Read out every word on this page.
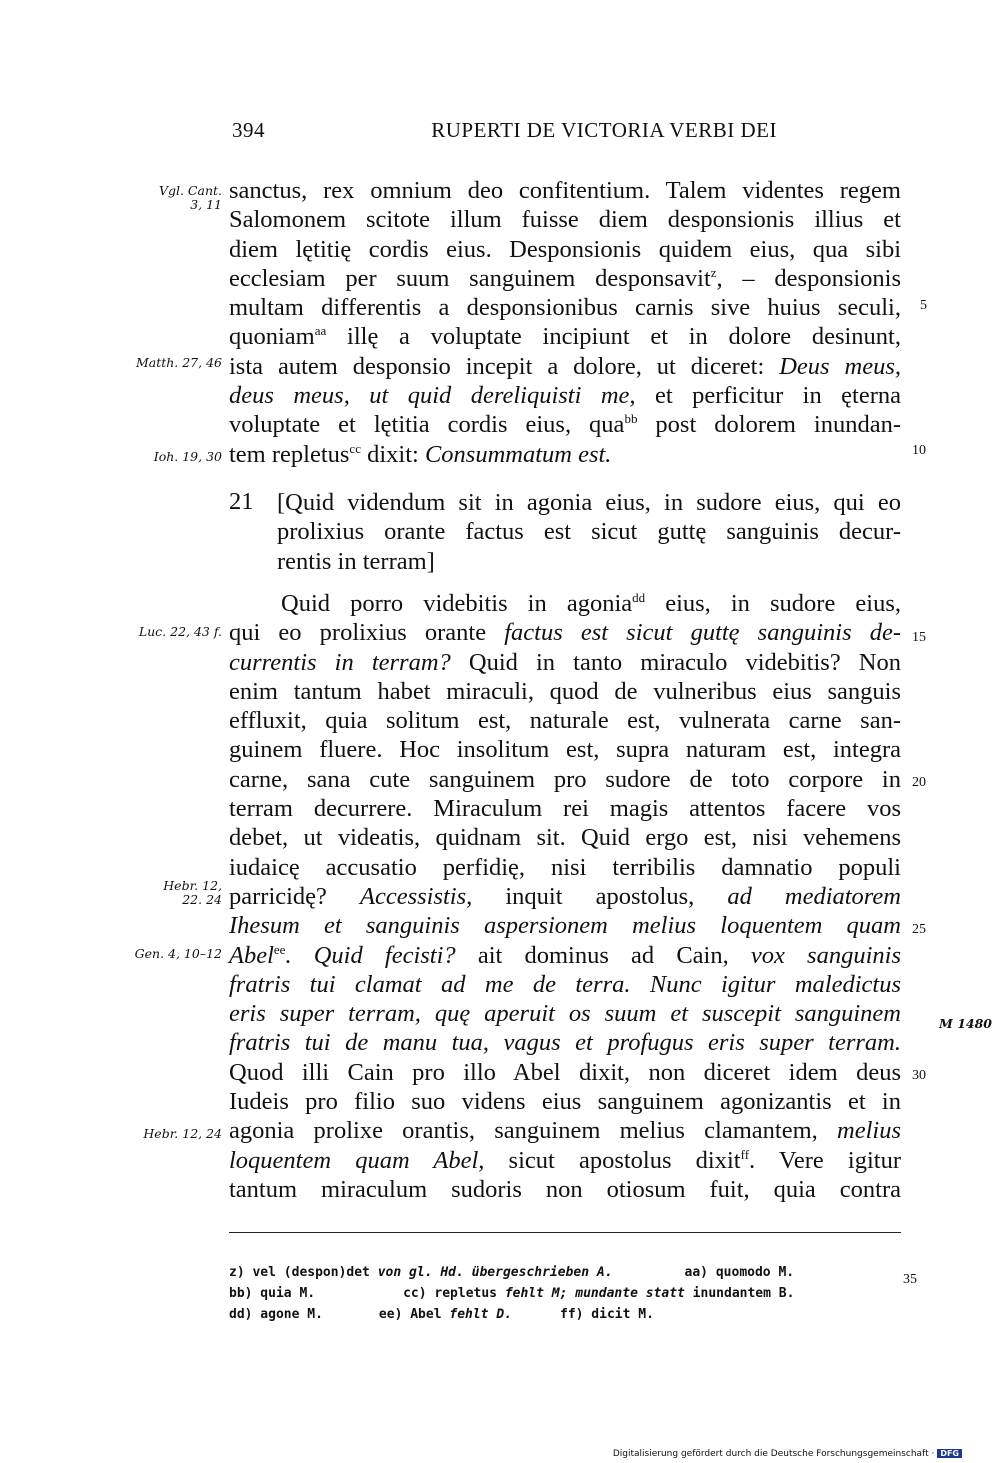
394	RUPERTI DE VICTORIA VERBI DEI
sanctus, rex omnium deo confitentium. Talem videntes regem
Salomonem scitote illum fuisse diem desponsionis illius et
diem lętitię cordis eius. Desponsionis quidem eius, qua sibi
ecclesiam per suum sanguinem desponsavit$^z$, – desponsionis
multam differentis a desponsionibus carnis sive huius seculi,
quoniam$^{aa}$ illę a voluptate incipiunt et in dolore desinunt,
ista autem desponsio incepit a dolore, ut diceret: Deus meus,
deus meus, ut quid dereliquisti me, et perficitur in ęterna
voluptate et lętitia cordis eius, qua$^{bb}$ post dolorem inundan-
tem repletus$^{cc}$ dixit: Consummatum est.
21 [Quid videndum sit in agonia eius, in sudore eius, qui eo
prolixius orante factus est sicut guttę sanguinis decur-
rentis in terram]
Quid porro videbitis in agonia$^{dd}$ eius, in sudore eius,
qui eo prolixius orante factus est sicut guttę sanguinis de-
currentis in terram? Quid in tanto miraculo videbitis? Non
enim tantum habet miraculi, quod de vulneribus eius sanguis
effluxit, quia solitum est, naturale est, vulnerata carne san-
guinem fluere. Hoc insolitum est, supra naturam est, integra
carne, sana cute sanguinem pro sudore de toto corpore in
terram decurrere. Miraculum rei magis attentos facere vos
debet, ut videatis, quidnam sit. Quid ergo est, nisi vehemens
iudaicę accusatio perfidię, nisi terribilis damnatio populi
parricidę? Accessistis, inquit apostolus, ad mediatorem
Ihesum et sanguinis aspersionem melius loquentem quam
Abel$^{ee}$. Quid fecisti? ait dominus ad Cain, vox sanguinis
fratris tui clamat ad me de terra. Nunc igitur maledictus
eris super terram, quę aperuit os suum et suscepit sanguinem
fratris tui de manu tua, vagus et profugus eris super terram.
Quod illi Cain pro illo Abel dixit, non diceret idem deus
Iudeis pro filio suo videns eius sanguinem agonizantis et in
agonia prolixe orantis, sanguinem melius clamantem, melius
loquentem quam Abel, sicut apostolus dixit$^{ff}$. Vere igitur
tantum miraculum sudoris non otiosum fuit, quia contra
Vgl. Cant.
3, 11
Matth. 27, 46
Ioh. 19, 30
Luc. 22, 43 f.
Hebr. 12,
22. 24
Gen. 4, 10–12
Hebr. 12, 24
M 1480
5
10
15
20
25
30
35
z) vel (despon)det von gl. Hd. übergeschrieben A.	aa) quomodo M.
bb) quia M.	cc) repletus fehlt M; mundante statt inundantem B.
dd) agone M.	ee) Abel fehlt D.	ff) dicit M.
Digitalisierung gefördert durch die Deutsche Forschungsgemeinschaft · DFG
